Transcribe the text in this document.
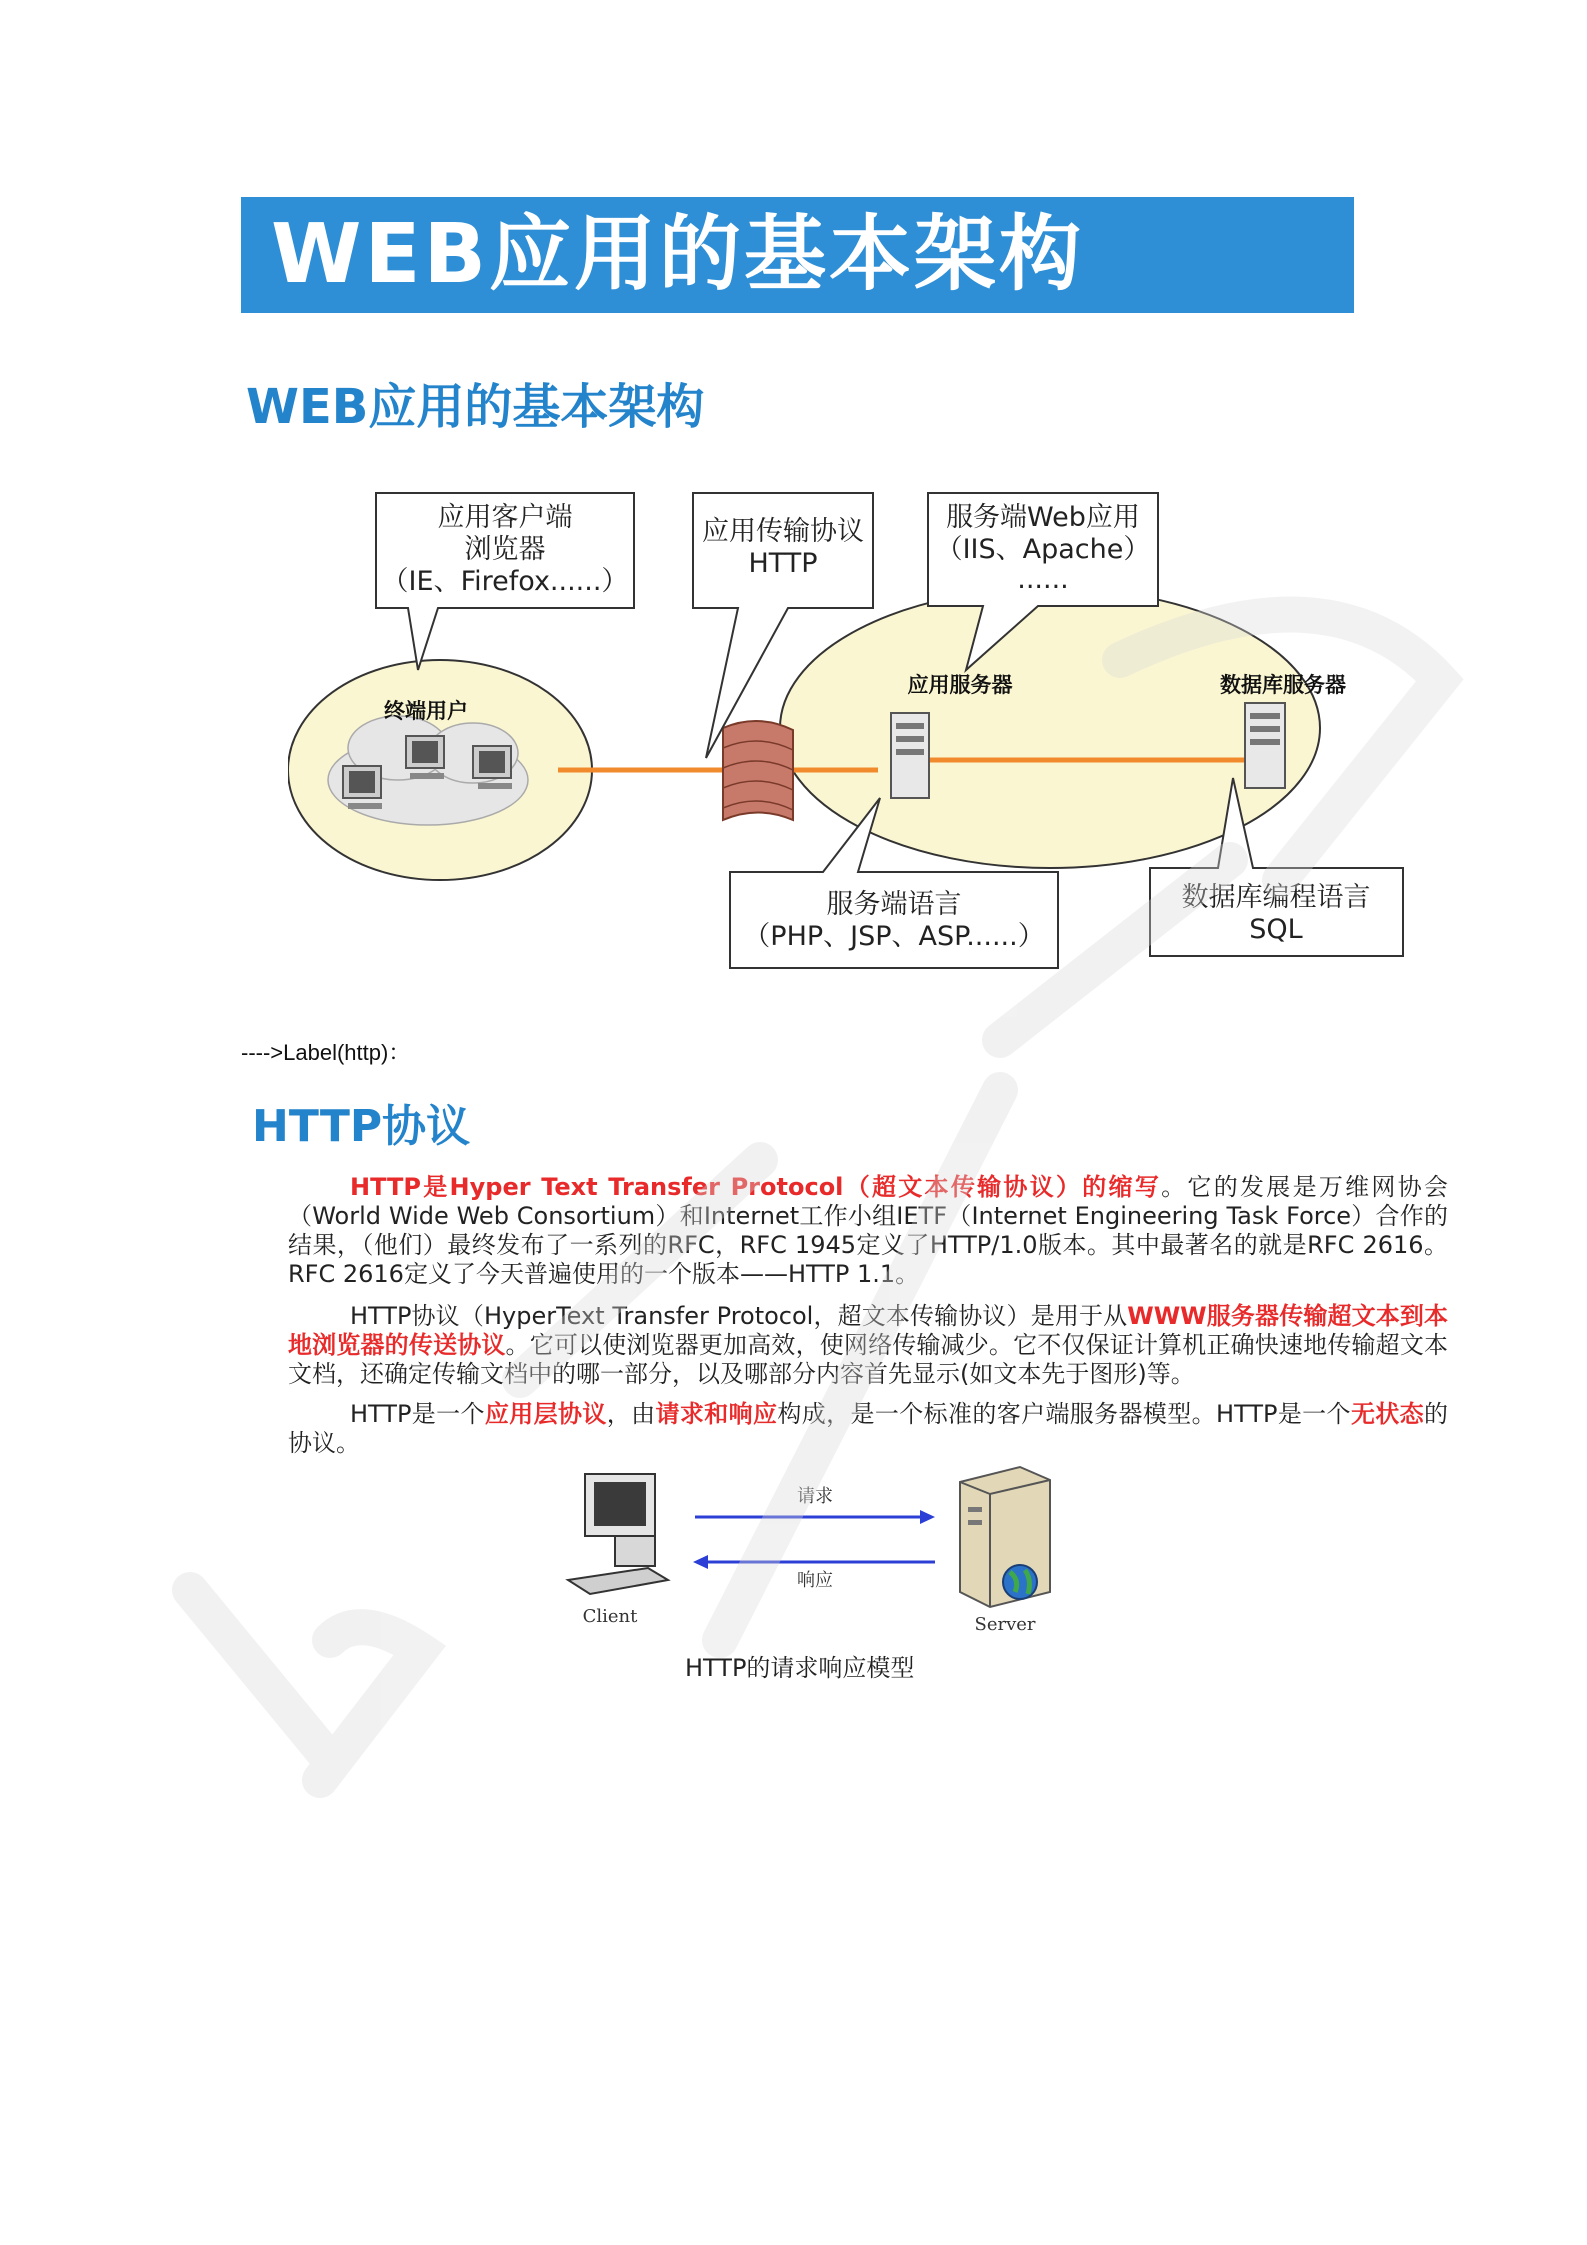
WEB应用的基本架构
WEB应用的基本架构
终端用户
应用服务器	数据库服务器
应用客户端
浏览器
（IE、Firefox......）
应用传输协议
HTTP
服务端Web应用
（IIS、Apache）
......
服务端语言
（PHP、JSP、ASP......）
数据库编程语言
SQL
---->Label(http)：
HTTP协议
HTTP是Hyper Text Transfer Protocol（超文本传输协议）的缩写。它的发展是万维网协会（World Wide Web Consortium）和Internet工作小组IETF（Internet Engineering Task Force）合作的结果，（他们）最终发布了一系列的RFC，RFC 1945定义了HTTP/1.0版本。其中最著名的就是RFC 2616。RFC 2616定义了今天普遍使用的一个版本——HTTP 1.1。
HTTP协议（HyperText Transfer Protocol，超文本传输协议）是用于从WWW服务器传输超文本到本地浏览器的传送协议。它可以使浏览器更加高效，使网络传输减少。它不仅保证计算机正确快速地传输超文本文档，还确定传输文档中的哪一部分，以及哪部分内容首先显示(如文本先于图形)等。
HTTP是一个应用层协议，由请求和响应构成，是一个标准的客户端服务器模型。HTTP是一个无状态的协议。
Client
请求
响应
Server
HTTP的请求响应模型
